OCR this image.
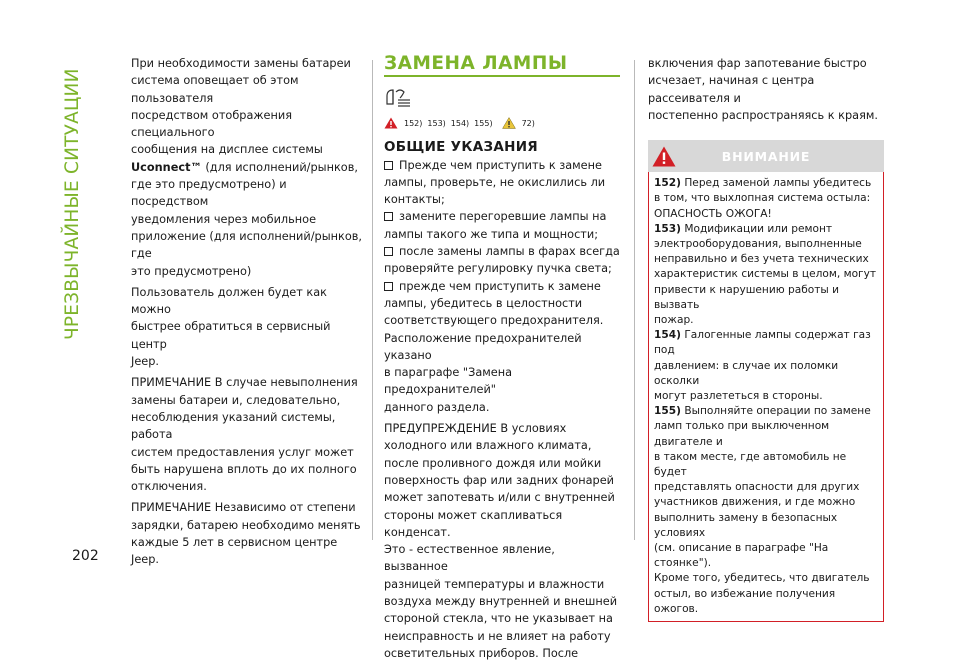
ЧРЕЗВЫЧАЙНЫЕ СИТУАЦИИ
202

При необходимости замены батареи
система оповещает об этом пользователя
посредством отображения специального
сообщения на дисплее системы
Uconnect™ (для исполнений/рынков,
где это предусмотрено) и посредством
уведомления через мобильное
приложение (для исполнений/рынков, где
это предусмотрено)

Пользователь должен будет как можно
быстрее обратиться в сервисный центр
Jeep.

ПРИМЕЧАНИЕ В случае невыполнения
замены батареи и, следовательно,
несоблюдения указаний системы, работа
систем предоставления услуг может
быть нарушена вплоть до их полного
отключения.

ПРИМЕЧАНИЕ Независимо от степени
зарядки, батарею необходимо менять
каждые 5 лет в сервисном центре Jeep.

ЗАМЕНА ЛАМПЫ
152) 153) 154) 155)	72)
ОБЩИЕ УКАЗАНИЯ

Прежде чем приступить к замене
лампы, проверьте, не окислились ли
контакты;

замените перегоревшие лампы на
лампы такого же типа и мощности;

после замены лампы в фарах всегда
проверяйте регулировку пучка света;

прежде чем приступить к замене
лампы, убедитесь в целостности
соответствующего предохранителя.

Расположение предохранителей указано
в параграфе "Замена предохранителей"
данного раздела.

ПРЕДУПРЕЖДЕНИЕ В условиях
холодного или влажного климата,
после проливного дождя или мойки
поверхность фар или задних фонарей
может запотевать и/или с внутренней
стороны может скапливаться конденсат.
Это - естественное явление, вызванное
разницей температуры и влажности
воздуха между внутренней и внешней
стороной стекла, что не указывает на
неисправность и не влияет на работу
осветительных приборов. После

включения фар запотевание быстро
исчезает, начиная с центра рассеивателя и
постепенно распространяясь к краям.

ВНИМАНИЕ

152) Перед заменой лампы убедитесь
в том, что выхлопная система остыла:
ОПАСНОСТЬ ОЖОГА!

153) Модификации или ремонт
электрооборудования, выполненные
неправильно и без учета технических
характеристик системы в целом, могут
привести к нарушению работы и вызвать
пожар.

154) Галогенные лампы содержат газ под
давлением: в случае их поломки осколки
могут разлететься в стороны.

155) Выполняйте операции по замене
ламп только при выключенном двигателе и
в таком месте, где автомобиль не будет
представлять опасности для других
участников движения, и где можно
выполнить замену в безопасных условиях
(см. описание в параграфе "На стоянке").
Кроме того, убедитесь, что двигатель
остыл, во избежание получения ожогов.
